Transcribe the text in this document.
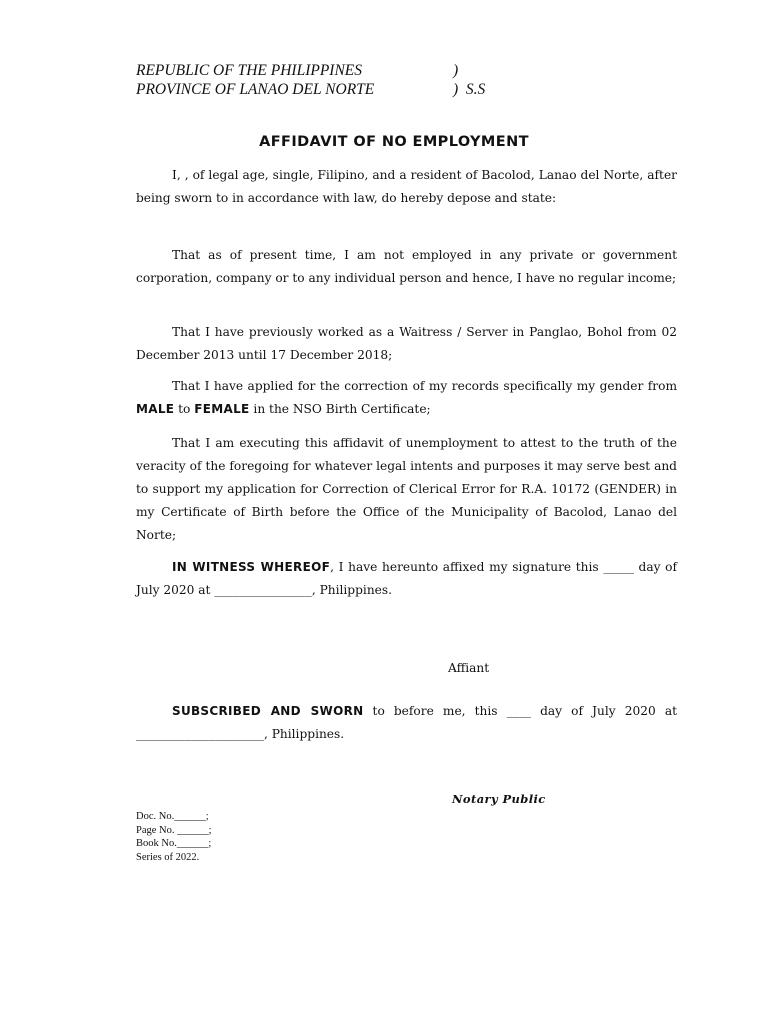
REPUBLIC OF THE PHILIPPINES	)
PROVINCE OF LANAO DEL NORTE	)  S.S
AFFIDAVIT OF NO EMPLOYMENT

I, , of legal age, single, Filipino, and a resident of Bacolod, Lanao del Norte, after being sworn to in accordance with law, do hereby depose and state:

That as of present time, I am not employed in any private or government corporation, company or to any individual person and hence, I have no regular income;

That I have previously worked as a Waitress / Server in Panglao, Bohol from 02 December 2013 until 17 December 2018;

That I have applied for the correction of my records specifically my gender from MALE to FEMALE in the NSO Birth Certificate;

That I am executing this affidavit of unemployment to attest to the truth of the veracity of the foregoing for whatever legal intents and purposes it may serve best and to support my application for Correction of Clerical Error for R.A. 10172 (GENDER) in my Certificate of Birth before the Office of the Municipality of Bacolod, Lanao del Norte;

IN WITNESS WHEREOF, I have hereunto affixed my signature this _____ day of July 2020 at ________________, Philippines.

Affiant

SUBSCRIBED AND SWORN to before me, this ____ day of July 2020 at _____________________, Philippines.

Notary Public
Doc. No.______;
Page No. ______;
Book No.______;
Series of 2022.
